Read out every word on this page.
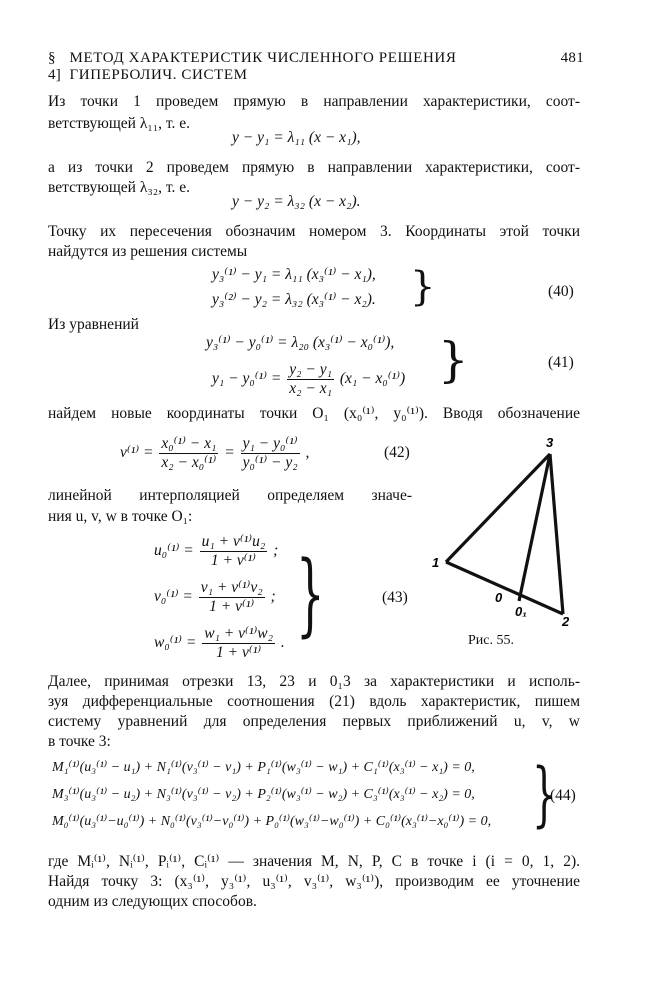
§ 4]
МЕТОД ХАРАКТЕРИСТИК ЧИСЛЕННОГО РЕШЕНИЯ ГИПЕРБОЛИЧ. СИСТЕМ
481
Из точки 1 проведем прямую в направлении характеристики, соот-
ветствующей λ₁₁, т. е.
y − y₁ = λ₁₁ (x − x₁),
а из точки 2 проведем прямую в направлении характеристики, соот-
ветствующей λ₃₂, т. е.
y − y₂ = λ₃₂ (x − x₂).
Точку их пересечения обозначим номером 3. Координаты этой точки
найдутся из решения системы
y₃⁽¹⁾ − y₁ = λ₁₁ (x₃⁽¹⁾ − x₁),
y₃⁽²⁾ − y₂ = λ₃₂ (x₃⁽¹⁾ − x₂). }	(40)
Из уравнений
y₃⁽¹⁾ − y₀⁽¹⁾ = λ₂₀ (x₃⁽¹⁾ − x₀⁽¹⁾),
$y_1 - y_0^{(1)} = \frac{\text{y₂ − y₁}}{\text{x₂ − x₁}} (x_1 - x_0^{(1)})$ }	(41)
найдем новые координаты точки O₁ (x₀⁽¹⁾, y₀⁽¹⁾). Вводя обозначение
$\nu^{(1)} = \frac{\text{x₀⁽¹⁾ − x₁}}{\text{x₂ − x₀⁽¹⁾}} = \frac{\text{y₁ − y₀⁽¹⁾}}{\text{y₀⁽¹⁾ − y₂}}$ ,	(42)
линейной интерполяцией определяем значе-
ния u, v, w в точке O₁:
$u_0^{(1)} = \frac{\text{u₁ + ν⁽¹⁾u₂}}{\text{1 + ν⁽¹⁾}}$ ;
$v_0^{(1)} = \frac{\text{v₁ + ν⁽¹⁾v₂}}{\text{1 + ν⁽¹⁾}}$ ;
$w_0^{(1)} = \frac{\text{w₁ + ν⁽¹⁾w₂}}{\text{1 + ν⁽¹⁾}}$ . }	(43)
3
1
0
0₁
2
Рис. 55.
Далее, принимая отрезки 13, 23 и 0₁3 за характеристики и исполь-
зуя дифференциальные соотношения (21) вдоль характеристик, пишем
систему уравнений для определения первых приближений u, v, w
в точке 3:
M₁⁽¹⁾(u₃⁽¹⁾ − u₁) + N₁⁽¹⁾(v₃⁽¹⁾ − v₁) + P₁⁽¹⁾(w₃⁽¹⁾ − w₁) + C₁⁽¹⁾(x₃⁽¹⁾ − x₁) = 0,
M₃⁽¹⁾(u₃⁽¹⁾ − u₂) + N₃⁽¹⁾(v₃⁽¹⁾ − v₂) + P₂⁽¹⁾(w₃⁽¹⁾ − w₂) + C₃⁽¹⁾(x₃⁽¹⁾ − x₂) = 0,
M₀⁽¹⁾(u₃⁽¹⁾−u₀⁽¹⁾) + N₀⁽¹⁾(v₃⁽¹⁾−v₀⁽¹⁾) + P₀⁽¹⁾(w₃⁽¹⁾−w₀⁽¹⁾) + C₀⁽¹⁾(x₃⁽¹⁾−x₀⁽¹⁾) = 0, }
(44)
где Mᵢ⁽¹⁾, Nᵢ⁽¹⁾, Pᵢ⁽¹⁾, Cᵢ⁽¹⁾ — значения M, N, P, C в точке i (i = 0, 1, 2).
Найдя точку 3: (x₃⁽¹⁾, y₃⁽¹⁾, u₃⁽¹⁾, v₃⁽¹⁾, w₃⁽¹⁾), производим ее уточнение
одним из следующих способов.
